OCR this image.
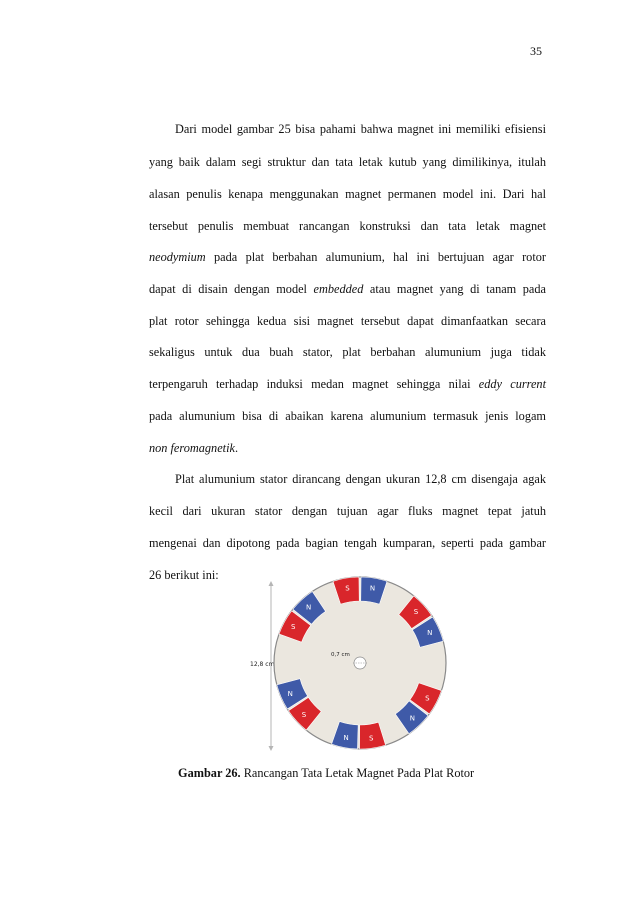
35
Dari model gambar 25 bisa pahami bahwa magnet ini memiliki efisiensi
yang baik dalam segi struktur dan tata letak kutub yang dimilikinya, itulah
alasan penulis kenapa menggunakan magnet permanen model ini. Dari hal
tersebut penulis membuat rancangan konstruksi dan tata letak magnet
neodymium pada plat berbahan alumunium, hal ini bertujuan agar rotor
dapat di disain dengan model embedded atau magnet yang di tanam pada
plat rotor sehingga kedua sisi magnet tersebut dapat dimanfaatkan secara
sekaligus untuk dua buah stator, plat berbahan alumunium juga tidak
terpengaruh terhadap induksi medan magnet sehingga nilai eddy current
pada alumunium bisa di abaikan karena alumunium termasuk jenis logam
non feromagnetik.
Plat alumunium stator dirancang dengan ukuran 12,8 cm disengaja agak
kecil dari ukuran stator dengan tujuan agar fluks magnet tepat jatuh
mengenai dan dipotong pada bagian tengah kumparan, seperti pada gambar
26 berikut ini:
12,8 cm
0,7 cm
S	N
S
N
S
N
S
N
S
N
S
N
Gambar 26. Rancangan Tata Letak Magnet Pada Plat Rotor
